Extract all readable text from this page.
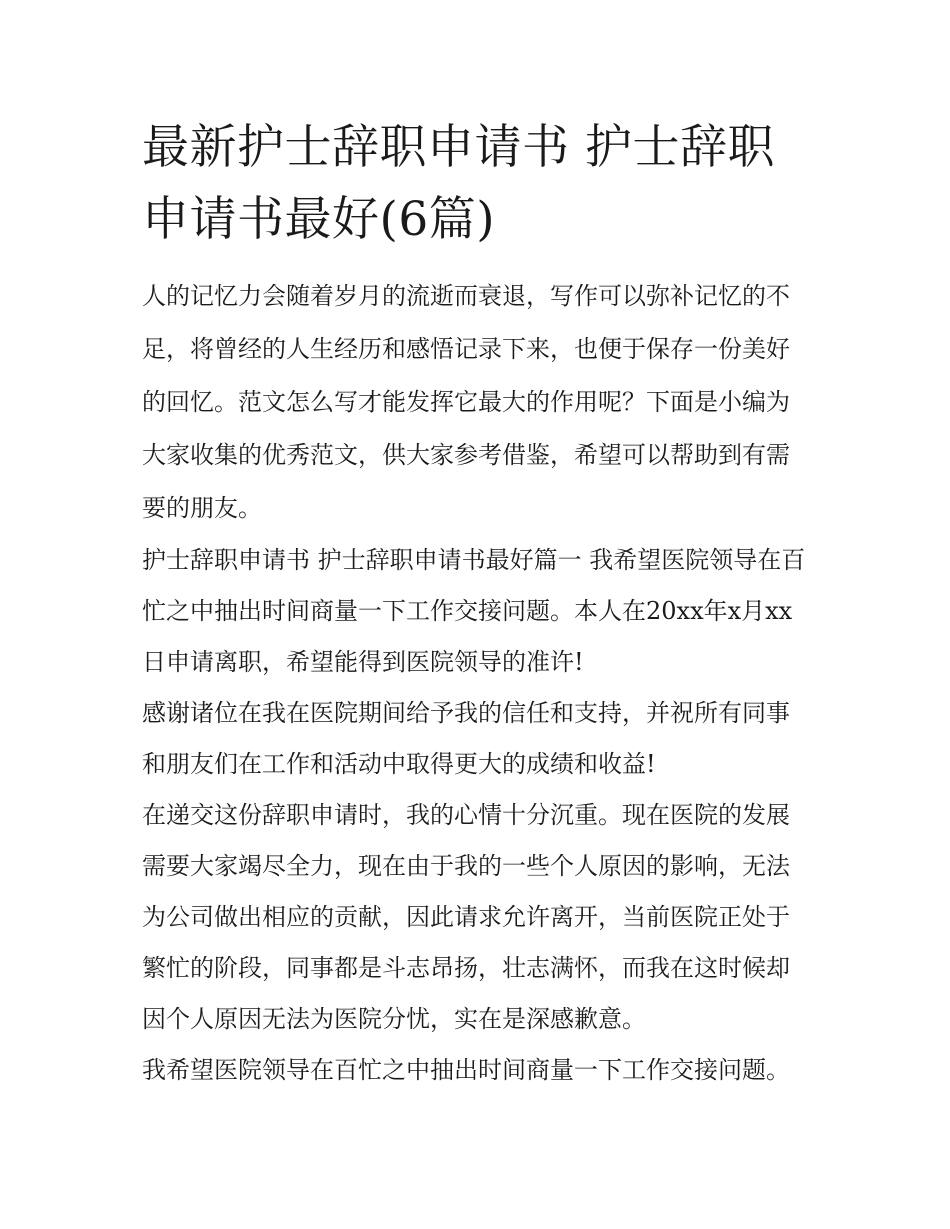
最新护士辞职申请书 护士辞职申请书最好(6篇)

人的记忆力会随着岁月的流逝而衰退，写作可以弥补记忆的不足，将曾经的人生经历和感悟记录下来，也便于保存一份美好的回忆。范文怎么写才能发挥它最大的作用呢？下面是小编为大家收集的优秀范文，供大家参考借鉴，希望可以帮助到有需要的朋友。

护士辞职申请书 护士辞职申请书最好篇一 我希望医院领导在百忙之中抽出时间商量一下工作交接问题。本人在20xx年x月xx日申请离职，希望能得到医院领导的准许!

感谢诸位在我在医院期间给予我的信任和支持，并祝所有同事和朋友们在工作和活动中取得更大的成绩和收益!

在递交这份辞职申请时，我的心情十分沉重。现在医院的发展需要大家竭尽全力，现在由于我的一些个人原因的影响，无法为公司做出相应的贡献，因此请求允许离开，当前医院正处于繁忙的阶段，同事都是斗志昂扬，壮志满怀，而我在这时候却因个人原因无法为医院分忧，实在是深感歉意。

我希望医院领导在百忙之中抽出时间商量一下工作交接问题。
